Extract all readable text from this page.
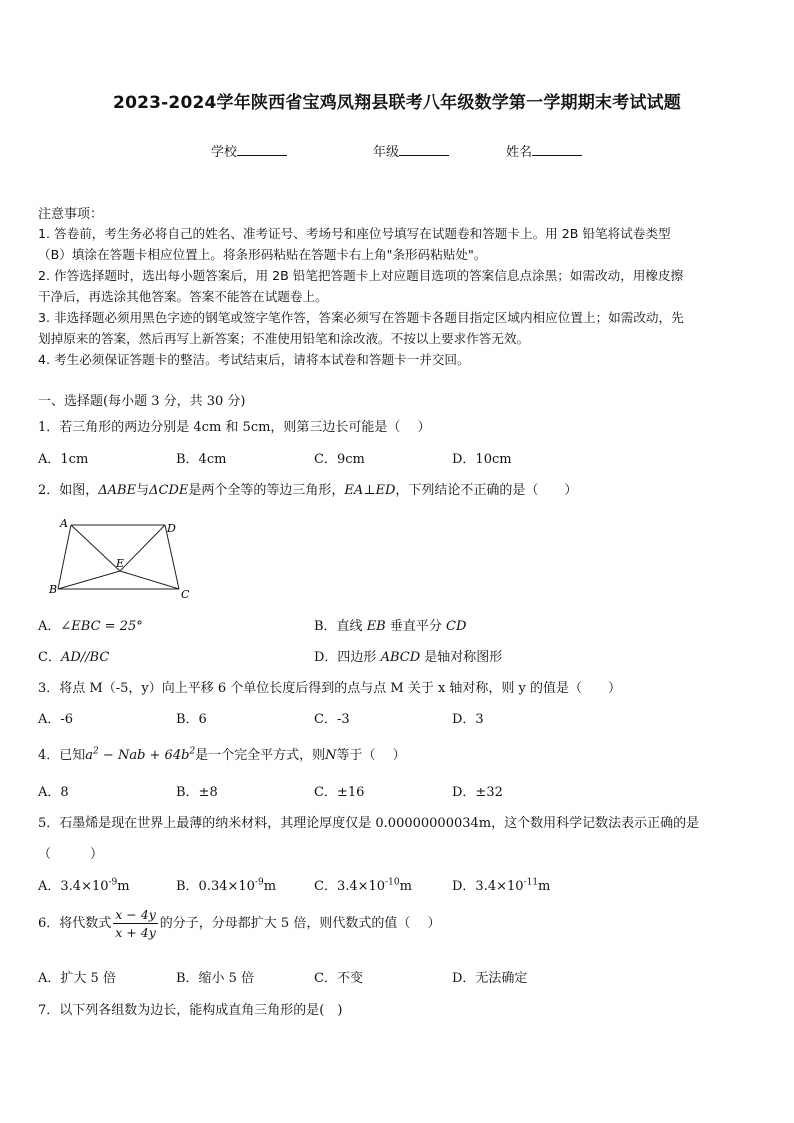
2023-2024学年陕西省宝鸡凤翔县联考八年级数学第一学期期末考试试题
学校	年级	姓名
注意事项：
1. 答卷前，考生务必将自己的姓名、准考证号、考场号和座位号填写在试题卷和答题卡上。用 2B 铅笔将试卷类型
（B）填涂在答题卡相应位置上。将条形码粘贴在答题卡右上角"条形码粘贴处"。
2. 作答选择题时，选出每小题答案后，用 2B 铅笔把答题卡上对应题目选项的答案信息点涂黑；如需改动，用橡皮擦
干净后，再选涂其他答案。答案不能答在试题卷上。
3. 非选择题必须用黑色字迹的钢笔或签字笔作答，答案必须写在答题卡各题目指定区域内相应位置上；如需改动，先
划掉原来的答案，然后再写上新答案；不准使用铅笔和涂改液。不按以上要求作答无效。
4. 考生必须保证答题卡的整洁。考试结束后，请将本试卷和答题卡一并交回。
一、选择题(每小题 3 分，共 30 分)
1．若三角形的两边分别是 4cm 和 5cm，则第三边长可能是（　 ）
A．1cm	B．4cm	C．9cm	D．10cm
2．如图，ΔABE与ΔCDE是两个全等的等边三角形，EA⊥ED，下列结论不正确的是（　　）
A	D
E
B	C
A．∠EBC = 25°	B．直线 EB 垂直平分 CD
C．AD//BC	D．四边形 ABCD 是轴对称图形
3．将点 M（-5，y）向上平移 6 个单位长度后得到的点与点 M 关于 x 轴对称，则 y 的值是（　　）
A．-6	B．6	C．-3	D．3
4．已知$a^2$ − Nab + $64b^2$是一个完全平方式，则N等于（　 ）
A．8	B．±8	C．±16	D．±32
5．石墨烯是现在世界上最薄的纳米材料，其理论厚度仅是 0.00000000034m，这个数用科学记数法表示正确的是
（　　　）
A．$3.4\times 10^{-9}m$	B．$0.34\times 10^{-9}m$	C．$3.4\times 10^{-10}m$	D．$3.4\times 10^{-11}m$
6．将代数式 $\frac{x - 4y}{x + 4y}$ 的分子，分母都扩大 5 倍，则代数式的值（　 ）
A．扩大 5 倍	B．缩小 5 倍	C．不变	D．无法确定
7．以下列各组数为边长，能构成直角三角形的是(　)
